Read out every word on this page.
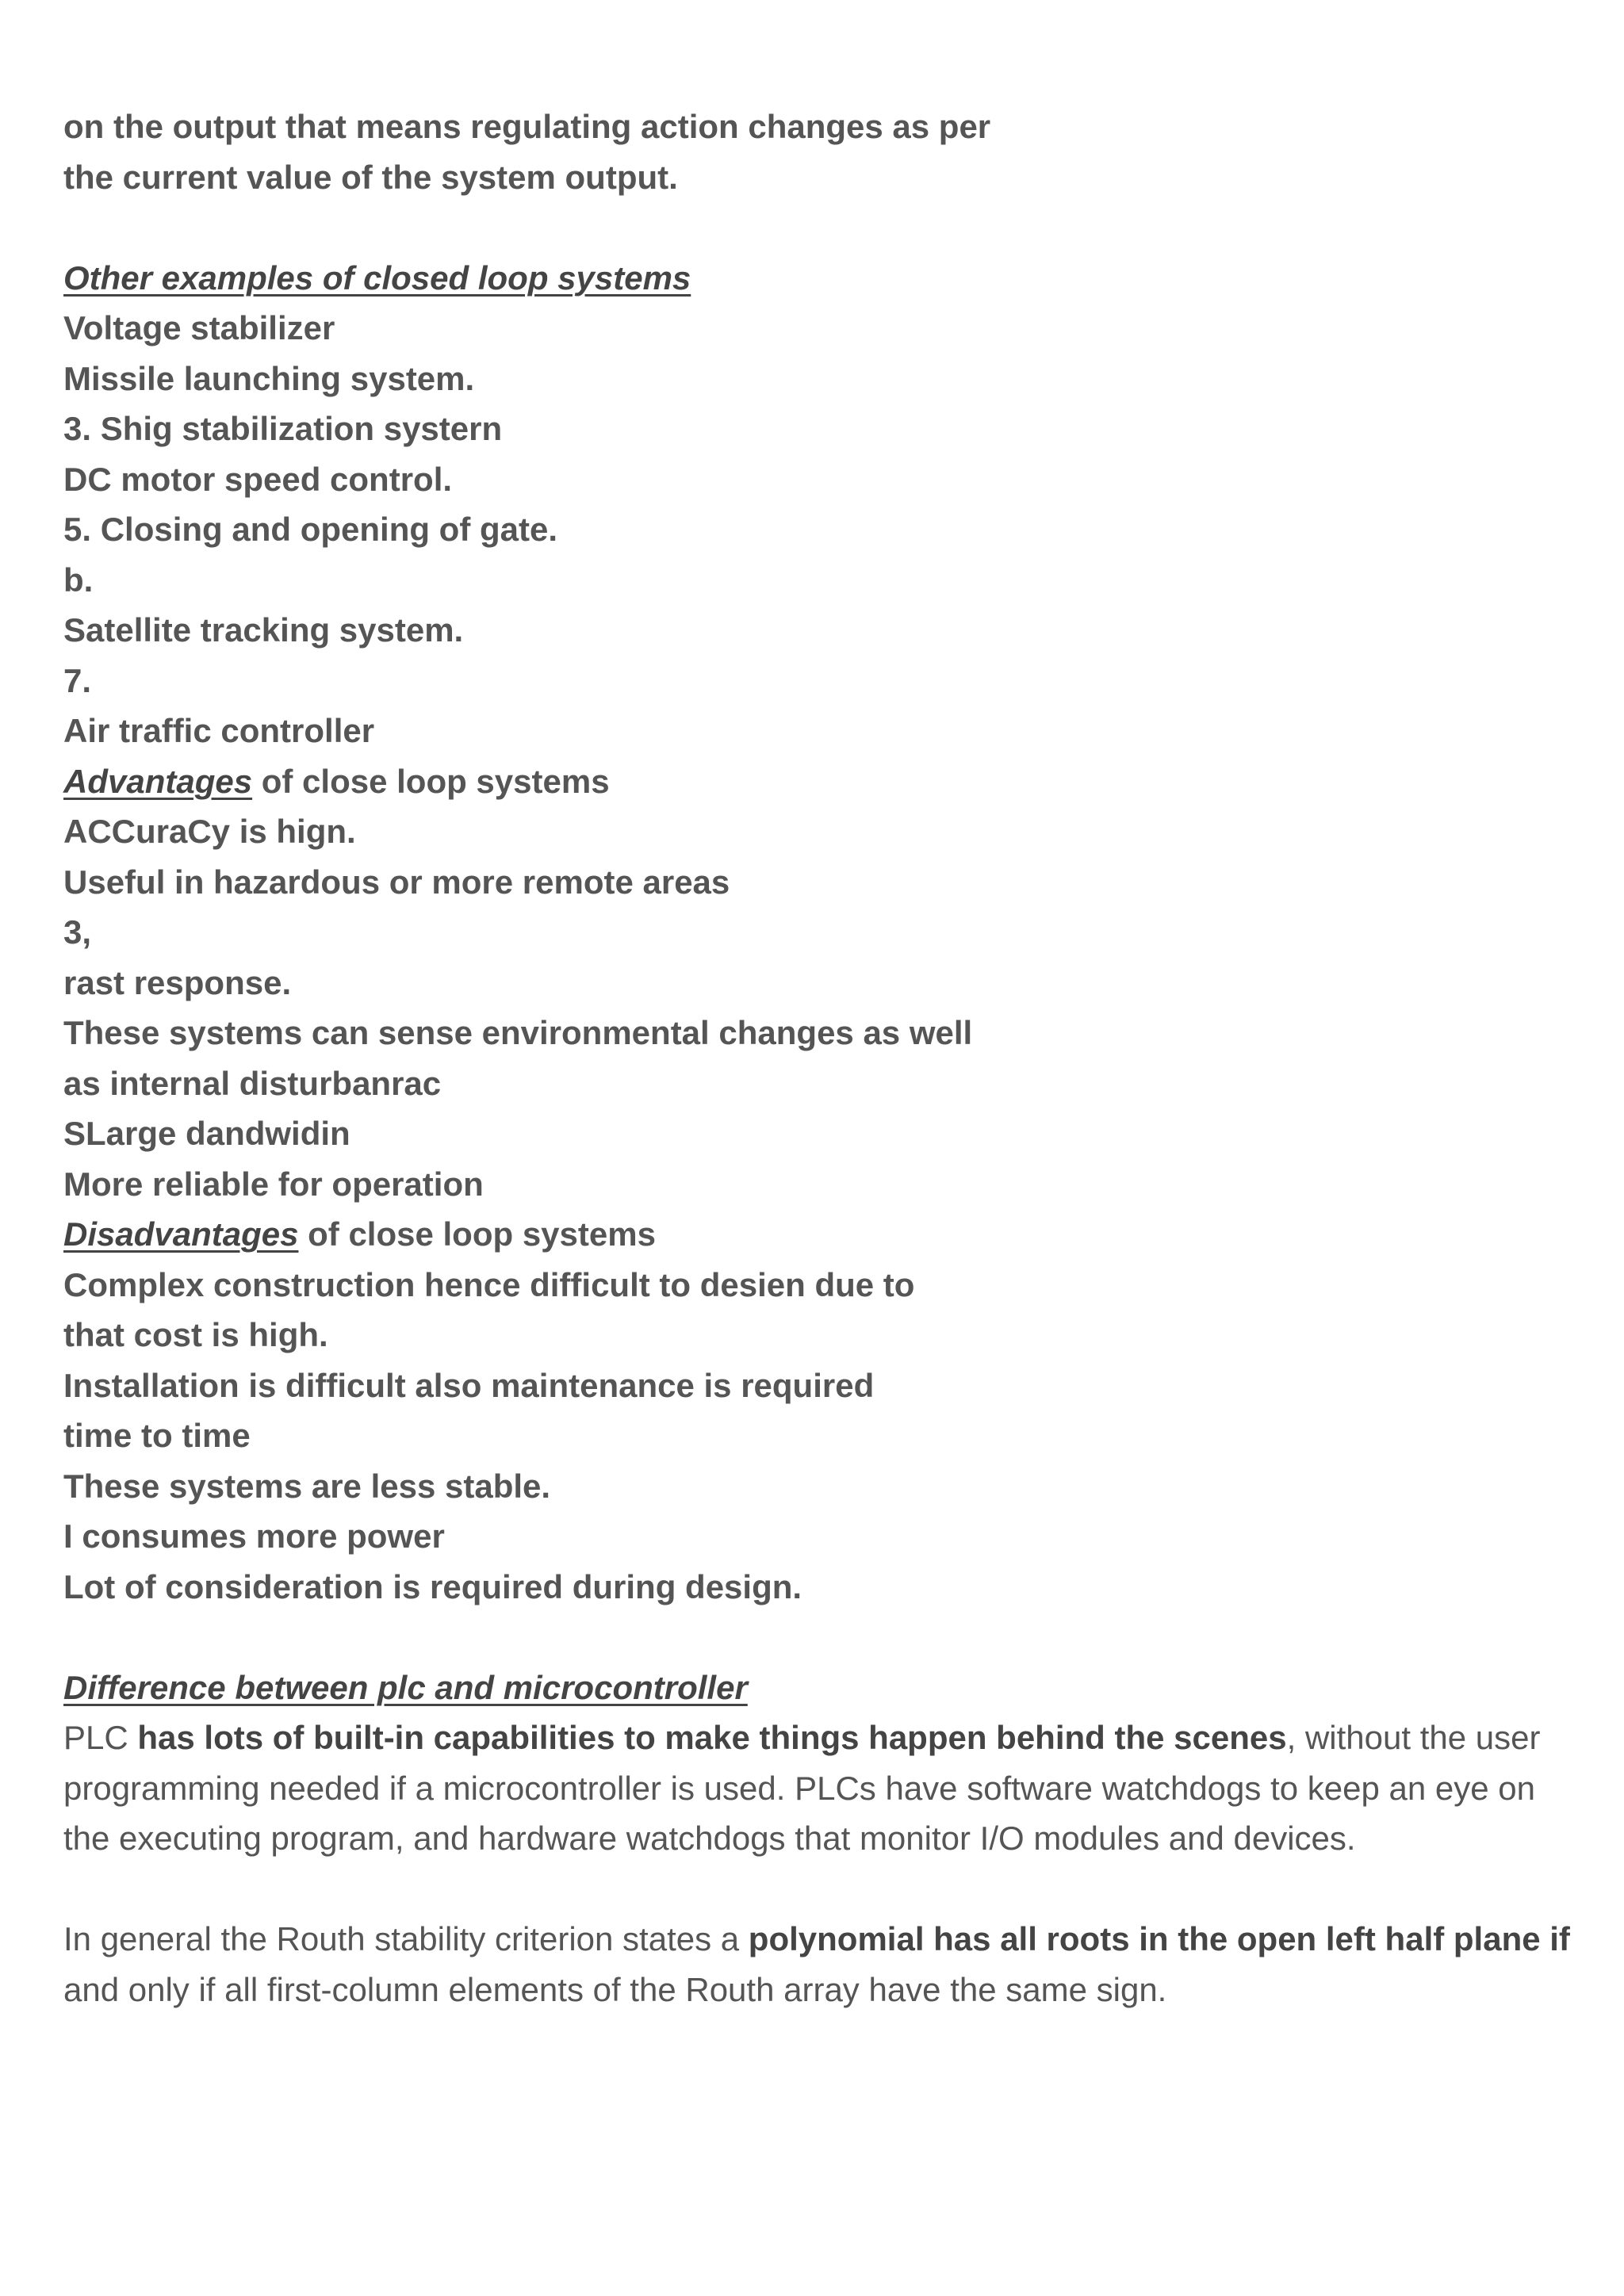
on the output that means regulating action changes as per
the current value of the system output.
Other examples of closed loop systems
Voltage stabilizer
Missile launching system.
3. Shig stabilization systern
DC motor speed control.
5. Closing and opening of gate.
b.
Satellite tracking system.
7.
Air traffic controller
Advantages of close loop systems
ACCuraCy is hign.
Useful in hazardous or more remote areas
3,
rast response.
These systems can sense environmental changes as well
as internal disturbanrac
SLarge dandwidin
More reliable for operation
Disadvantages of close loop systems
Complex construction hence difficult to desien due to
that cost is high.
Installation is difficult also maintenance is required
time to time
These systems are less stable.
I consumes more power
Lot of consideration is required during design.
Difference between plc and microcontroller
PLC has lots of built-in capabilities to make things happen behind the scenes, without the user programming needed if a microcontroller is used. PLCs have software watchdogs to keep an eye on the executing program, and hardware watchdogs that monitor I/O modules and devices.
In general the Routh stability criterion states a polynomial has all roots in the open left half plane if and only if all first-column elements of the Routh array have the same sign.
